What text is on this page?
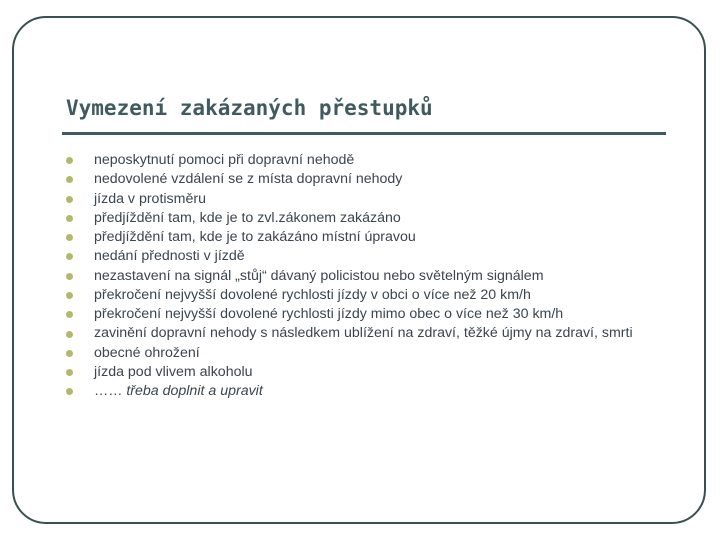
Vymezení zakázaných přestupků
neposkytnutí pomoci při dopravní nehodě
nedovolené vzdálení se z místa dopravní nehody
jízda v protisměru
předjíždění tam, kde je to zvl.zákonem zakázáno
předjíždění tam, kde je to zakázáno místní úpravou
nedání přednosti v jízdě
nezastavení na signál „stůj“ dávaný policistou nebo světelným signálem
překročení nejvyšší dovolené rychlosti jízdy v obci o více než 20 km/h
překročení nejvyšší dovolené rychlosti jízdy mimo obec o více než 30 km/h
zavinění dopravní nehody s následkem ublížení na zdraví, těžké újmy na zdraví, smrti
obecné ohrožení
jízda pod vlivem alkoholu
…… třeba doplnit a upravit
